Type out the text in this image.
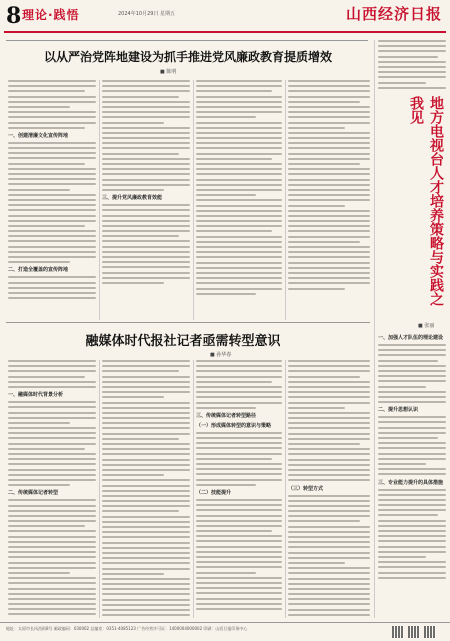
8 理论·践悟	2024年10月29日 星期五	山西经济日报
以从严治党阵地建设为抓手推进党风廉政教育提质增效
■ 陈明
一、创建清廉文化宣传阵地
二、打造全覆盖的宣传阵地
三、提升党风廉政教育效能	地方电视台人才培养策略与实践之我见
■ 张丽
一、加强人才队伍的理论建设
二、提升思想认识
三、专业能力提升的具体措施
融媒体时代报社记者亟需转型意识
■ 孙华春
一、融媒体时代背景分析
二、传统媒体记者转型
三、传统媒体记者转型路径
（一）形成媒体转型的意识与策略
（二）技能提升
（三）转型方式
地址：太原市长风西街8号 邮政编码：030002 总编室：0351-4085123 广告经营许可证：1400004000002 印刷：山西日报印务中心
